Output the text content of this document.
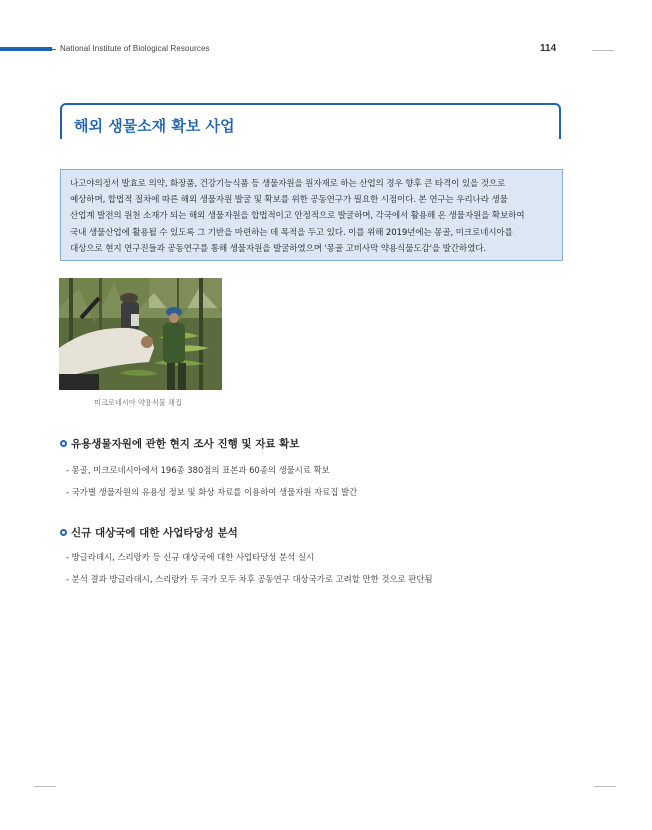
National Institute of Biological Resources	114
해외 생물소재 확보 사업

나고야의정서 발효로 의약, 화장품, 건강기능식품 등 생물자원을 원자재로 하는 산업의 경우 향후 큰 타격이 있을 것으로

예상하며, 합법적 절차에 따른 해외 생물자원 발굴 및 확보를 위한 공동연구가 필요한 시점이다. 본 연구는 우리나라 생물

산업계 발전의 원천 소재가 되는 해외 생물자원을 합법적이고 안정적으로 발굴하며, 각국에서 활용해 온 생물자원을 확보하여

국내 생물산업에 활용될 수 있도록 그 기반을 마련하는 데 목적을 두고 있다. 이를 위해 2019년에는 몽골, 미크로네시아를

대상으로 현지 연구진들과 공동연구를 통해 생물자원을 발굴하였으며 '몽골 고비사막 약용식물도감'을 발간하였다.

미크로네시아 약용식물 채집
유용생물자원에 관한 현지 조사 진행 및 자료 확보
- 몽골, 미크로네시아에서 196종 380점의 표본과 60종의 생물시료 확보
- 국가별 생물자원의 유용성 정보 및 화상 자료를 이용하여 생물자원 자료집 발간
신규 대상국에 대한 사업타당성 분석
- 방글라데시, 스리랑카 등 신규 대상국에 대한 사업타당성 분석 실시
- 분석 결과 방글라데시, 스리랑카 두 국가 모두 차후 공동연구 대상국가로 고려할 만한 것으로 판단됨
